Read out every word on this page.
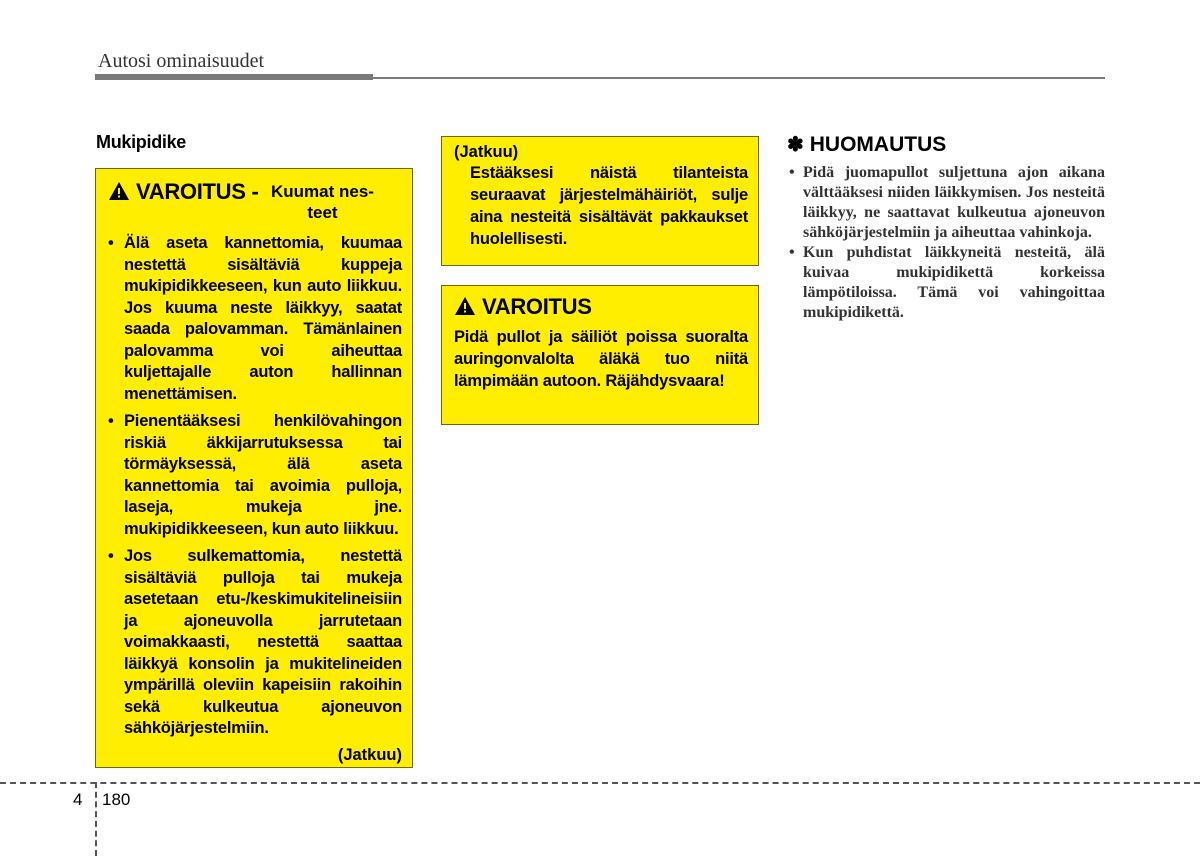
Autosi ominaisuudet
Mukipidike
VAROITUS - Kuumat nes-teet
• Älä aseta kannettomia, kuumaa nestettä sisältäviä kuppeja mukipidikkeeseen, kun auto liikkuu. Jos kuuma neste läikkyy, saatat saada palovamman. Tämänlainen palovamma voi aiheuttaa kuljettajalle auton hallinnan menettämisen.
• Pienentääksesi henkilövahingon riskiä äkkijarrutuksessa tai törmäyksessä, älä aseta kannettomia tai avoimia pulloja, laseja, mukeja jne. mukipidikkeeseen, kun auto liikkuu.
• Jos sulkemattomia, nestettä sisältäviä pulloja tai mukeja asetetaan etu-/keskimukitelineisiin ja ajoneuvolla jarrutetaan voimakkaasti, nestettä saattaa läikkyä konsolin ja mukitelineiden ympärillä oleviin kapeisiin rakoihin sekä kulkeutua ajoneuvon sähköjärjestelmiin.
(Jatkuu)
(Jatkuu)
Estääksesi näistä tilanteista seuraavat järjestelmähäiriöt, sulje aina nesteitä sisältävät pakkaukset huolellisesti.
VAROITUS
Pidä pullot ja säiliöt poissa suoralta auringonvalolta äläkä tuo niitä lämpimään autoon. Räjähdysvaara!
✽ HUOMAUTUS
• Pidä juomapullot suljettuna ajon aikana välttääksesi niiden läikkymisen. Jos nesteitä läikkyy, ne saattavat kulkeutua ajoneuvon sähköjärjestelmiin ja aiheuttaa vahinkoja.
• Kun puhdistat läikkyneitä nesteitä, älä kuivaa mukipidikettä korkeissa lämpötiloissa. Tämä voi vahingoittaa mukipidikettä.
4 180
